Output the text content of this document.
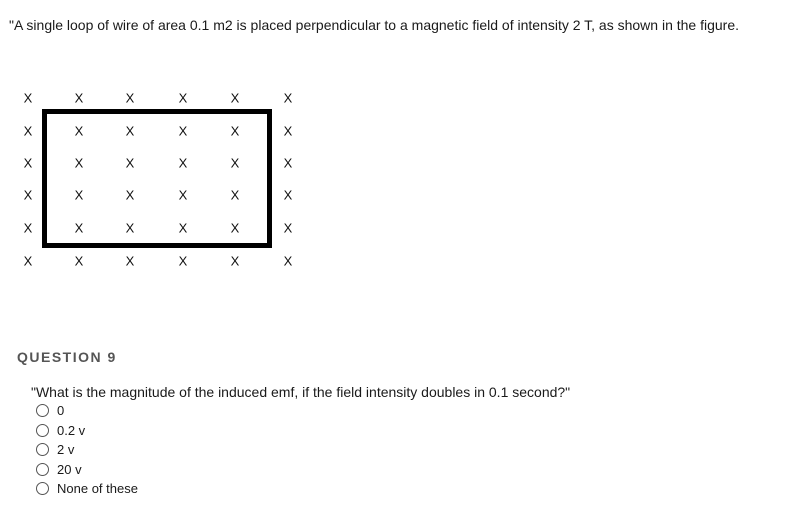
"A single loop of wire of area 0.1 m2 is placed perpendicular to a magnetic field of intensity 2 T, as shown in the figure.
X	X	X	X	X	X
X	X	X	X	X	X
X	X	X	X	X	X
X	X	X	X	X	X
X	X	X	X	X	X
X	X	X	X	X	X
QUESTION 9
"What is the magnitude of the induced emf, if the field intensity doubles in 0.1 second?"
0
0.2 v
2 v
20 v
None of these
